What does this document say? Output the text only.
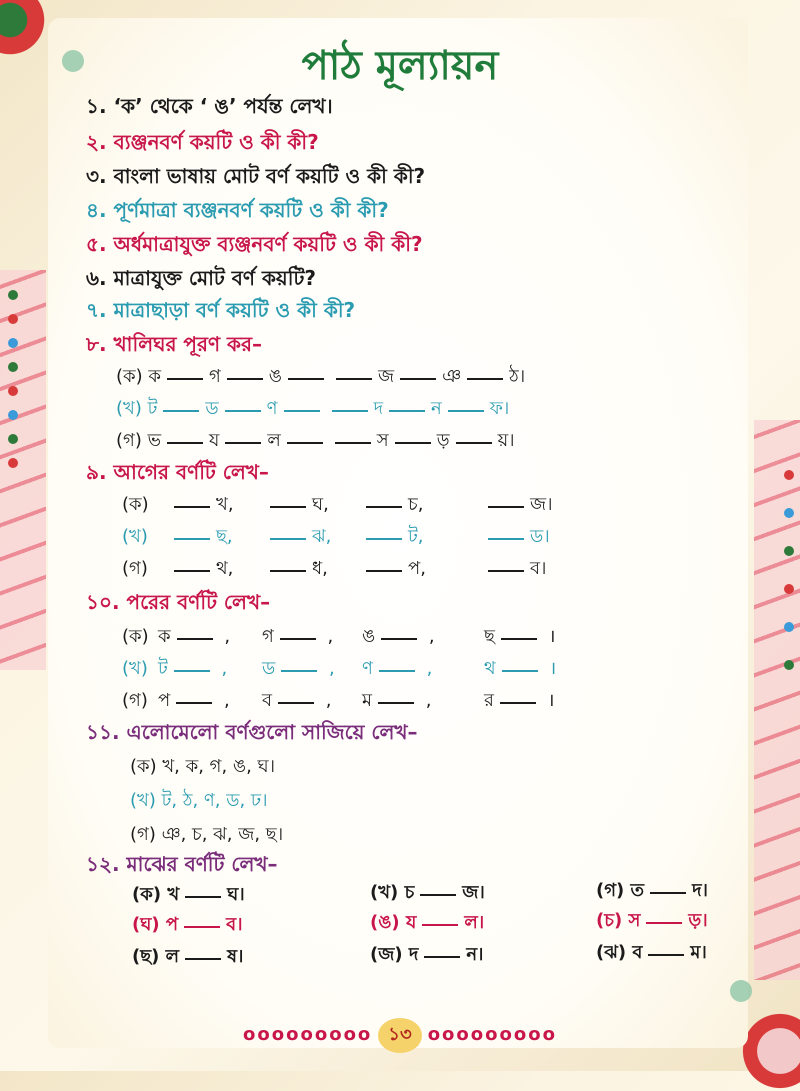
পাঠ মূল্যায়ন
১. ‘ক’ থেকে ‘ ঙ’ পর্যন্ত লেখ।
২. ব্যঞ্জনবর্ণ কয়টি ও কী কী?
৩. বাংলা ভাষায় মোট বর্ণ কয়টি ও কী কী?
৪. পূর্ণমাত্রা ব্যঞ্জনবর্ণ কয়টি ও কী কী?
৫. অর্ধমাত্রাযুক্ত ব্যঞ্জনবর্ণ কয়টি ও কী কী?
৬. মাত্রাযুক্ত মোট বর্ণ কয়টি?
৭. মাত্রাছাড়া বর্ণ কয়টি ও কী কী?
৮. খালিঘর পূরণ কর–
(ক) ক	গ	ঙ	জ	ঞ	ঠ।
(খ) ট	ড	ণ	দ	ন	ফ।
(গ) ভ	য	ল	স	ড়	য়।
৯. আগের বর্ণটি লেখ–
(ক)	খ,	ঘ,	চ,	জ।
(খ)	ছ,	ঝ,	ট,	ড।
(গ)	থ,	ধ,	প,	ব।
১০. পরের বর্ণটি লেখ–
(ক) ক	, গ	, ঙ	,	ছ	।
(খ) ট	, ড	, ণ	,	থ	।
(গ) প	, ব	, ম	,	র	।
১১. এলোমেলো বর্ণগুলো সাজিয়ে লেখ–
(ক) খ, ক, গ, ঙ, ঘ।
(খ) ট, ঠ, ণ, ড, ঢ।
(গ) ঞ, চ, ঝ, জ, ছ।
১২. মাঝের বর্ণটি লেখ–
(ক) খ	ঘ।	(খ) চ	জ।	(গ) ত	দ।
(ঘ) প	ব।	(ঙ) য	ল।	(চ) স	ড়।
(ছ) ল	ষ।	(জ) দ	ন।	(ঝ) ব	ম।
ooooooooo ১৩ ooooooooo
